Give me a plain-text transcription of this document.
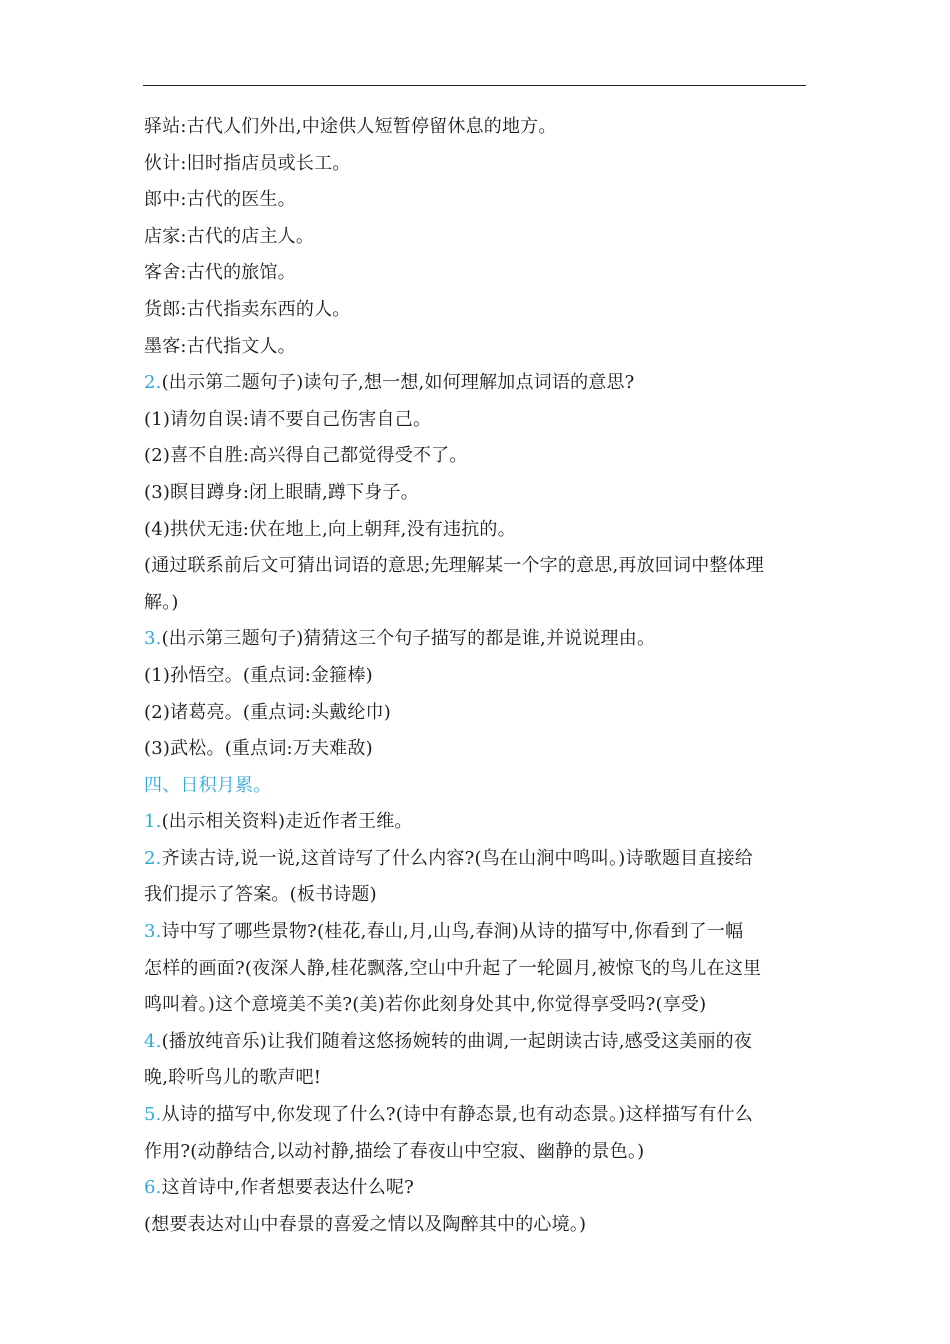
驿站:古代人们外出,中途供人短暂停留休息的地方。
伙计:旧时指店员或长工。
郎中:古代的医生。
店家:古代的店主人。
客舍:古代的旅馆。
货郎:古代指卖东西的人。
墨客:古代指文人。
2.(出示第二题句子)读句子,想一想,如何理解加点词语的意思?
(1)请勿自误:请不要自己伤害自己。
(2)喜不自胜:高兴得自己都觉得受不了。
(3)瞑目蹲身:闭上眼睛,蹲下身子。
(4)拱伏无违:伏在地上,向上朝拜,没有违抗的。
(通过联系前后文可猜出词语的意思;先理解某一个字的意思,再放回词中整体理
解。)
3.(出示第三题句子)猜猜这三个句子描写的都是谁,并说说理由。
(1)孙悟空。(重点词:金箍棒)
(2)诸葛亮。(重点词:头戴纶巾)
(3)武松。(重点词:万夫难敌)
四、日积月累。
1.(出示相关资料)走近作者王维。
2.齐读古诗,说一说,这首诗写了什么内容?(鸟在山涧中鸣叫。)诗歌题目直接给
我们提示了答案。(板书诗题)
3.诗中写了哪些景物?(桂花,春山,月,山鸟,春涧)从诗的描写中,你看到了一幅
怎样的画面?(夜深人静,桂花飘落,空山中升起了一轮圆月,被惊飞的鸟儿在这里
鸣叫着。)这个意境美不美?(美)若你此刻身处其中,你觉得享受吗?(享受)
4.(播放纯音乐)让我们随着这悠扬婉转的曲调,一起朗读古诗,感受这美丽的夜
晚,聆听鸟儿的歌声吧!
5.从诗的描写中,你发现了什么?(诗中有静态景,也有动态景。)这样描写有什么
作用?(动静结合,以动衬静,描绘了春夜山中空寂、幽静的景色。)
6.这首诗中,作者想要表达什么呢?
(想要表达对山中春景的喜爱之情以及陶醉其中的心境。)
